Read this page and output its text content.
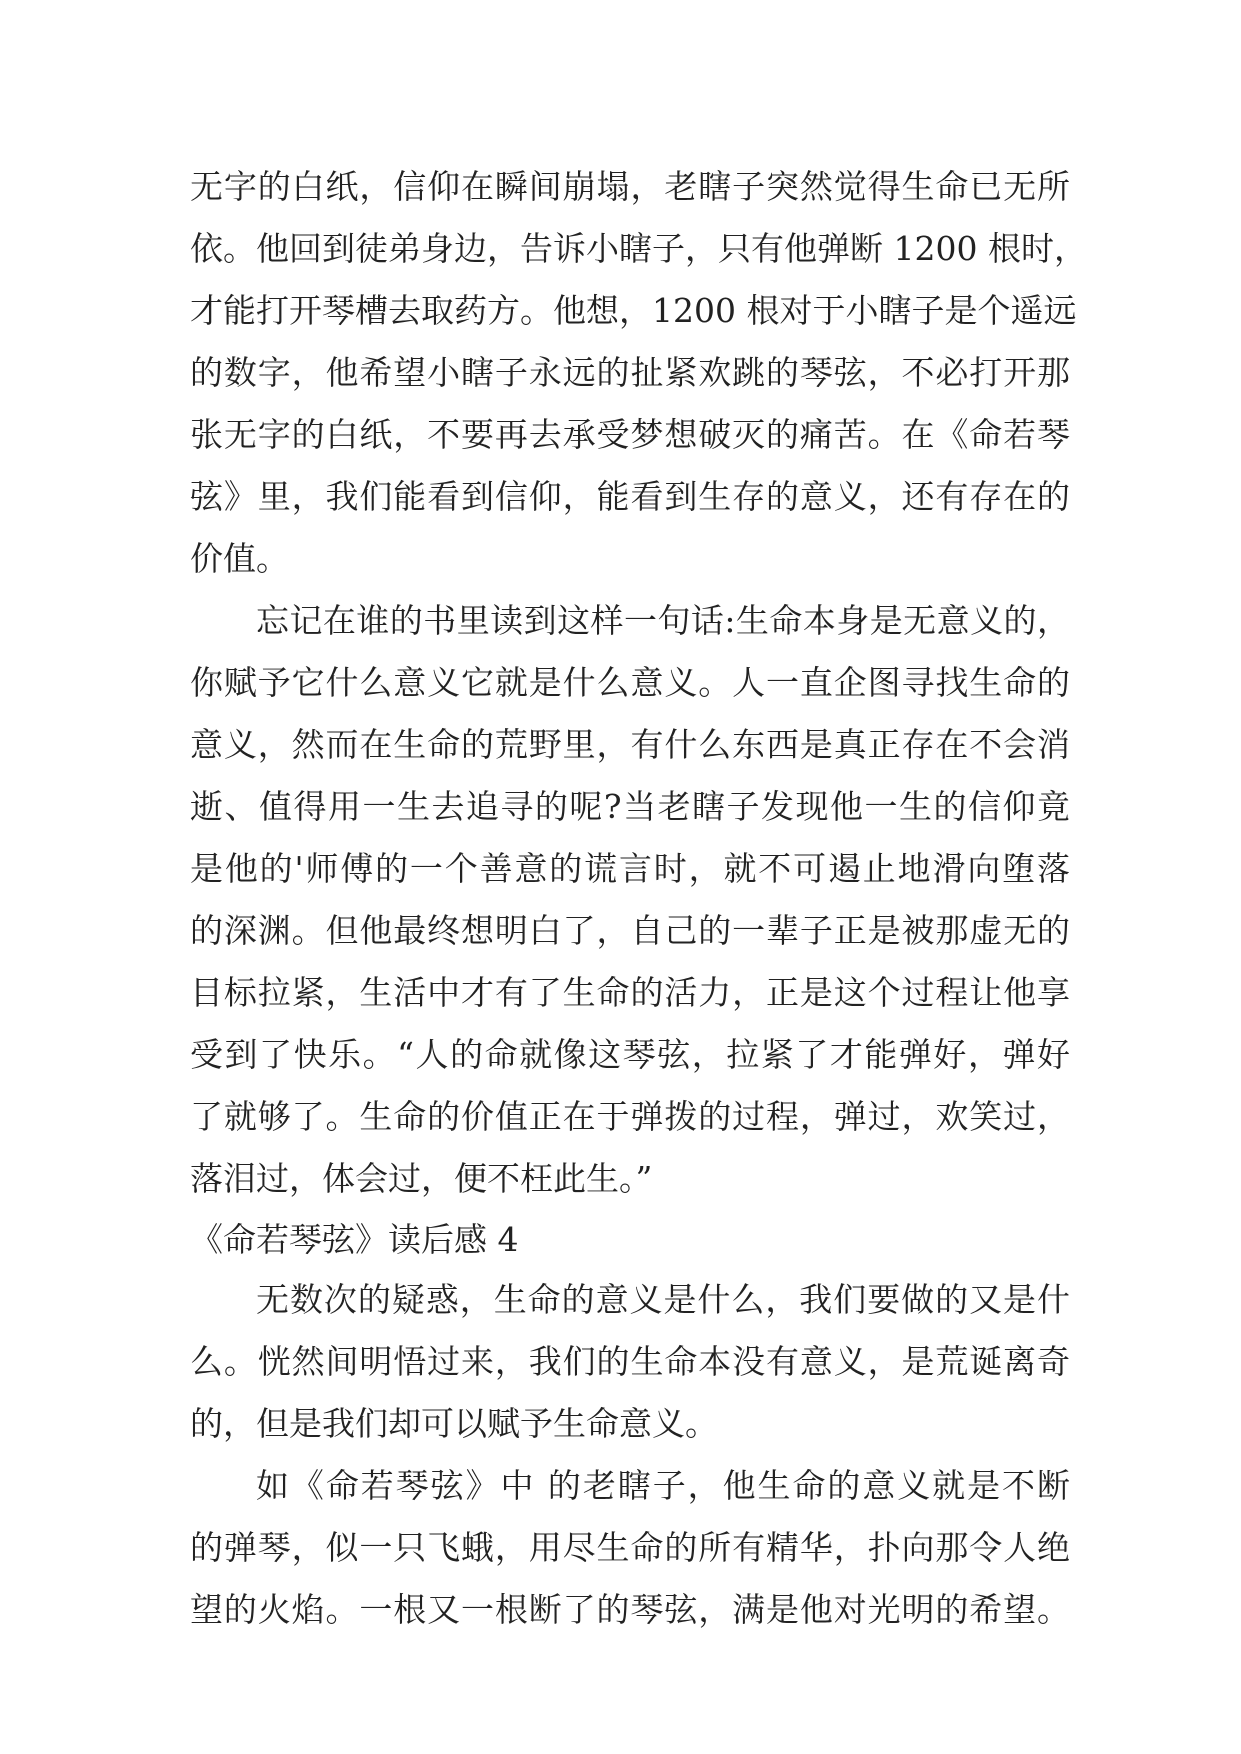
无字的白纸，信仰在瞬间崩塌，老瞎子突然觉得生命已无所
依。他回到徒弟身边，告诉小瞎子，只有他弹断 1200 根时，
才能打开琴槽去取药方。他想，1200 根对于小瞎子是个遥远
的数字，他希望小瞎子永远的扯紧欢跳的琴弦，不必打开那
张无字的白纸，不要再去承受梦想破灭的痛苦。在《命若琴
弦》里，我们能看到信仰，能看到生存的意义，还有存在的
价值。
忘记在谁的书里读到这样一句话:生命本身是无意义的，
你赋予它什么意义它就是什么意义。人一直企图寻找生命的
意义，然而在生命的荒野里，有什么东西是真正存在不会消
逝、值得用一生去追寻的呢?当老瞎子发现他一生的信仰竟
是他的'师傅的一个善意的谎言时，就不可遏止地滑向堕落
的深渊。但他最终想明白了，自己的一辈子正是被那虚无的
目标拉紧，生活中才有了生命的活力，正是这个过程让他享
受到了快乐。“人的命就像这琴弦，拉紧了才能弹好，弹好
了就够了。生命的价值正在于弹拨的过程，弹过，欢笑过，
落泪过，体会过，便不枉此生。”
《命若琴弦》读后感 4
无数次的疑惑，生命的意义是什么，我们要做的又是什
么。恍然间明悟过来，我们的生命本没有意义，是荒诞离奇
的，但是我们却可以赋予生命意义。
如《命若琴弦》中 的老瞎子，他生命的意义就是不断
的弹琴，似一只飞蛾，用尽生命的所有精华，扑向那令人绝
望的火焰。一根又一根断了的琴弦，满是他对光明的希望。
